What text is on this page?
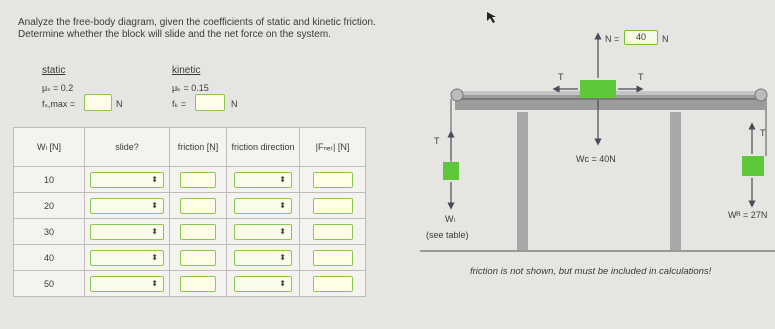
Analyze the free-body diagram, given the coefficients of static and kinetic friction.
Determine whether the block will slide and the net force on the system.
static	kinetic
μₛ = 0.2	μₖ = 0.15
fₛ,max =	N	fₖ =	N
Wₗ [N]	slide?	friction [N]	friction direction	|Fₙₑₜ| [N]
10	⬍		⬍	

20	⬍		⬍	

30	⬍		⬍	

40	⬍		⬍	

50	⬍		⬍	

N =	40	N
T	T
Wᴄ = 40N
T
Wₗ
(see table)
T
Wᴿ = 27N
friction is not shown, but must be included in calculations!
